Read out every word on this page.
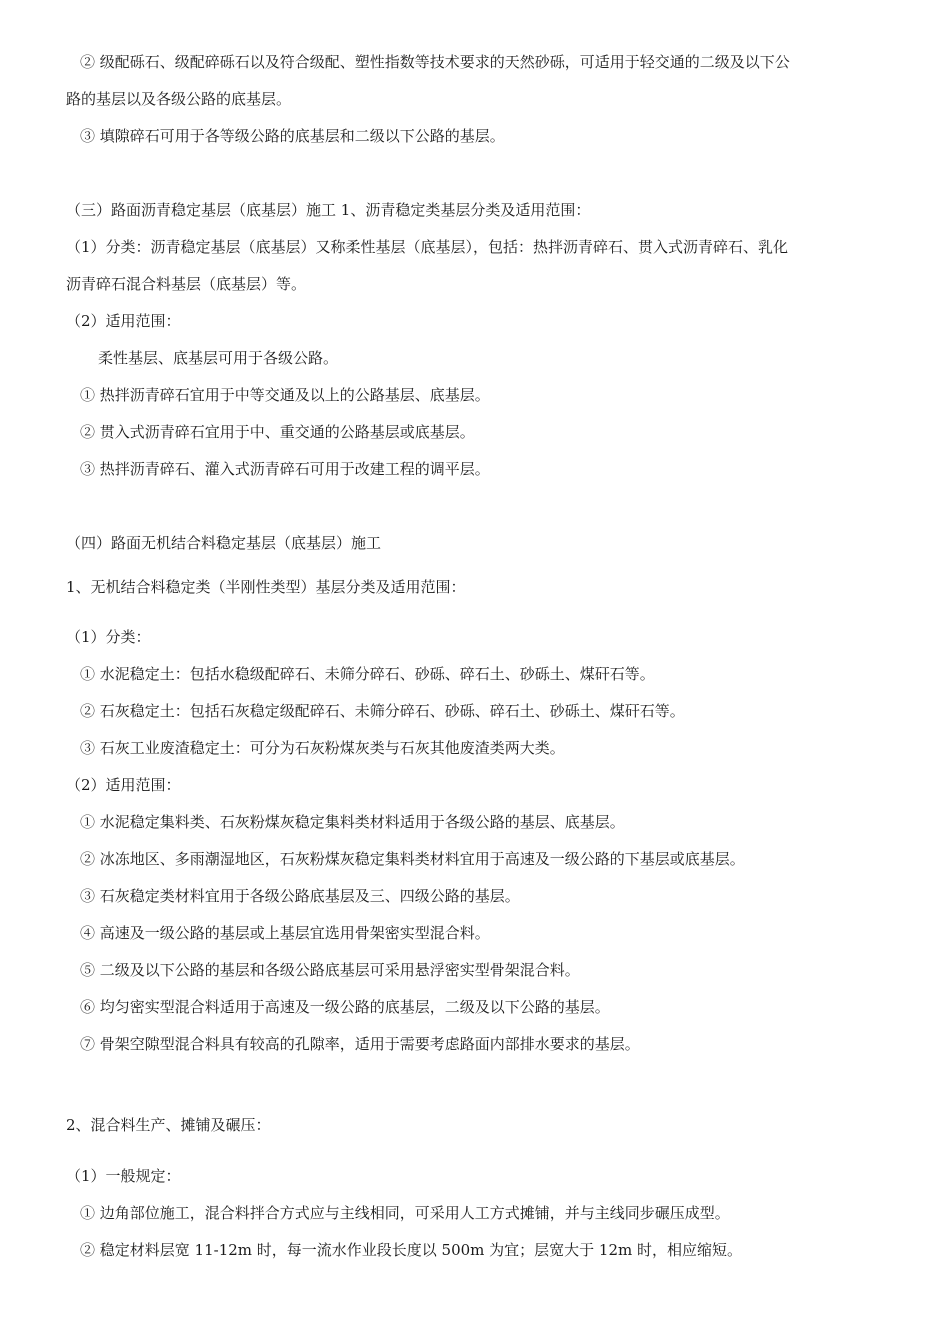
② 级配砾石、级配碎砾石以及符合级配、塑性指数等技术要求的天然砂砾，可适用于轻交通的二级及以下公
路的基层以及各级公路的底基层。
③ 填隙碎石可用于各等级公路的底基层和二级以下公路的基层。
（三）路面沥青稳定基层（底基层）施工 1、沥青稳定类基层分类及适用范围：
（1）分类：沥青稳定基层（底基层）又称柔性基层（底基层），包括：热拌沥青碎石、贯入式沥青碎石、乳化
沥青碎石混合料基层（底基层）等。
（2）适用范围：
柔性基层、底基层可用于各级公路。
① 热拌沥青碎石宜用于中等交通及以上的公路基层、底基层。
② 贯入式沥青碎石宜用于中、重交通的公路基层或底基层。
③ 热拌沥青碎石、灌入式沥青碎石可用于改建工程的调平层。
（四）路面无机结合料稳定基层（底基层）施工
1、无机结合料稳定类（半刚性类型）基层分类及适用范围：
（1）分类：
① 水泥稳定土：包括水稳级配碎石、未筛分碎石、砂砾、碎石土、砂砾土、煤矸石等。
② 石灰稳定土：包括石灰稳定级配碎石、未筛分碎石、砂砾、碎石土、砂砾土、煤矸石等。
③ 石灰工业废渣稳定土：可分为石灰粉煤灰类与石灰其他废渣类两大类。
（2）适用范围：
① 水泥稳定集料类、石灰粉煤灰稳定集料类材料适用于各级公路的基层、底基层。
② 冰冻地区、多雨潮湿地区，石灰粉煤灰稳定集料类材料宜用于高速及一级公路的下基层或底基层。
③ 石灰稳定类材料宜用于各级公路底基层及三、四级公路的基层。
④ 高速及一级公路的基层或上基层宜选用骨架密实型混合料。
⑤ 二级及以下公路的基层和各级公路底基层可采用悬浮密实型骨架混合料。
⑥ 均匀密实型混合料适用于高速及一级公路的底基层，二级及以下公路的基层。
⑦ 骨架空隙型混合料具有较高的孔隙率，适用于需要考虑路面内部排水要求的基层。
2、混合料生产、摊铺及碾压：
（1）一般规定：
① 边角部位施工，混合料拌合方式应与主线相同，可采用人工方式摊铺，并与主线同步碾压成型。
② 稳定材料层宽 11-12m 时，每一流水作业段长度以 500m 为宜；层宽大于 12m 时，相应缩短。
